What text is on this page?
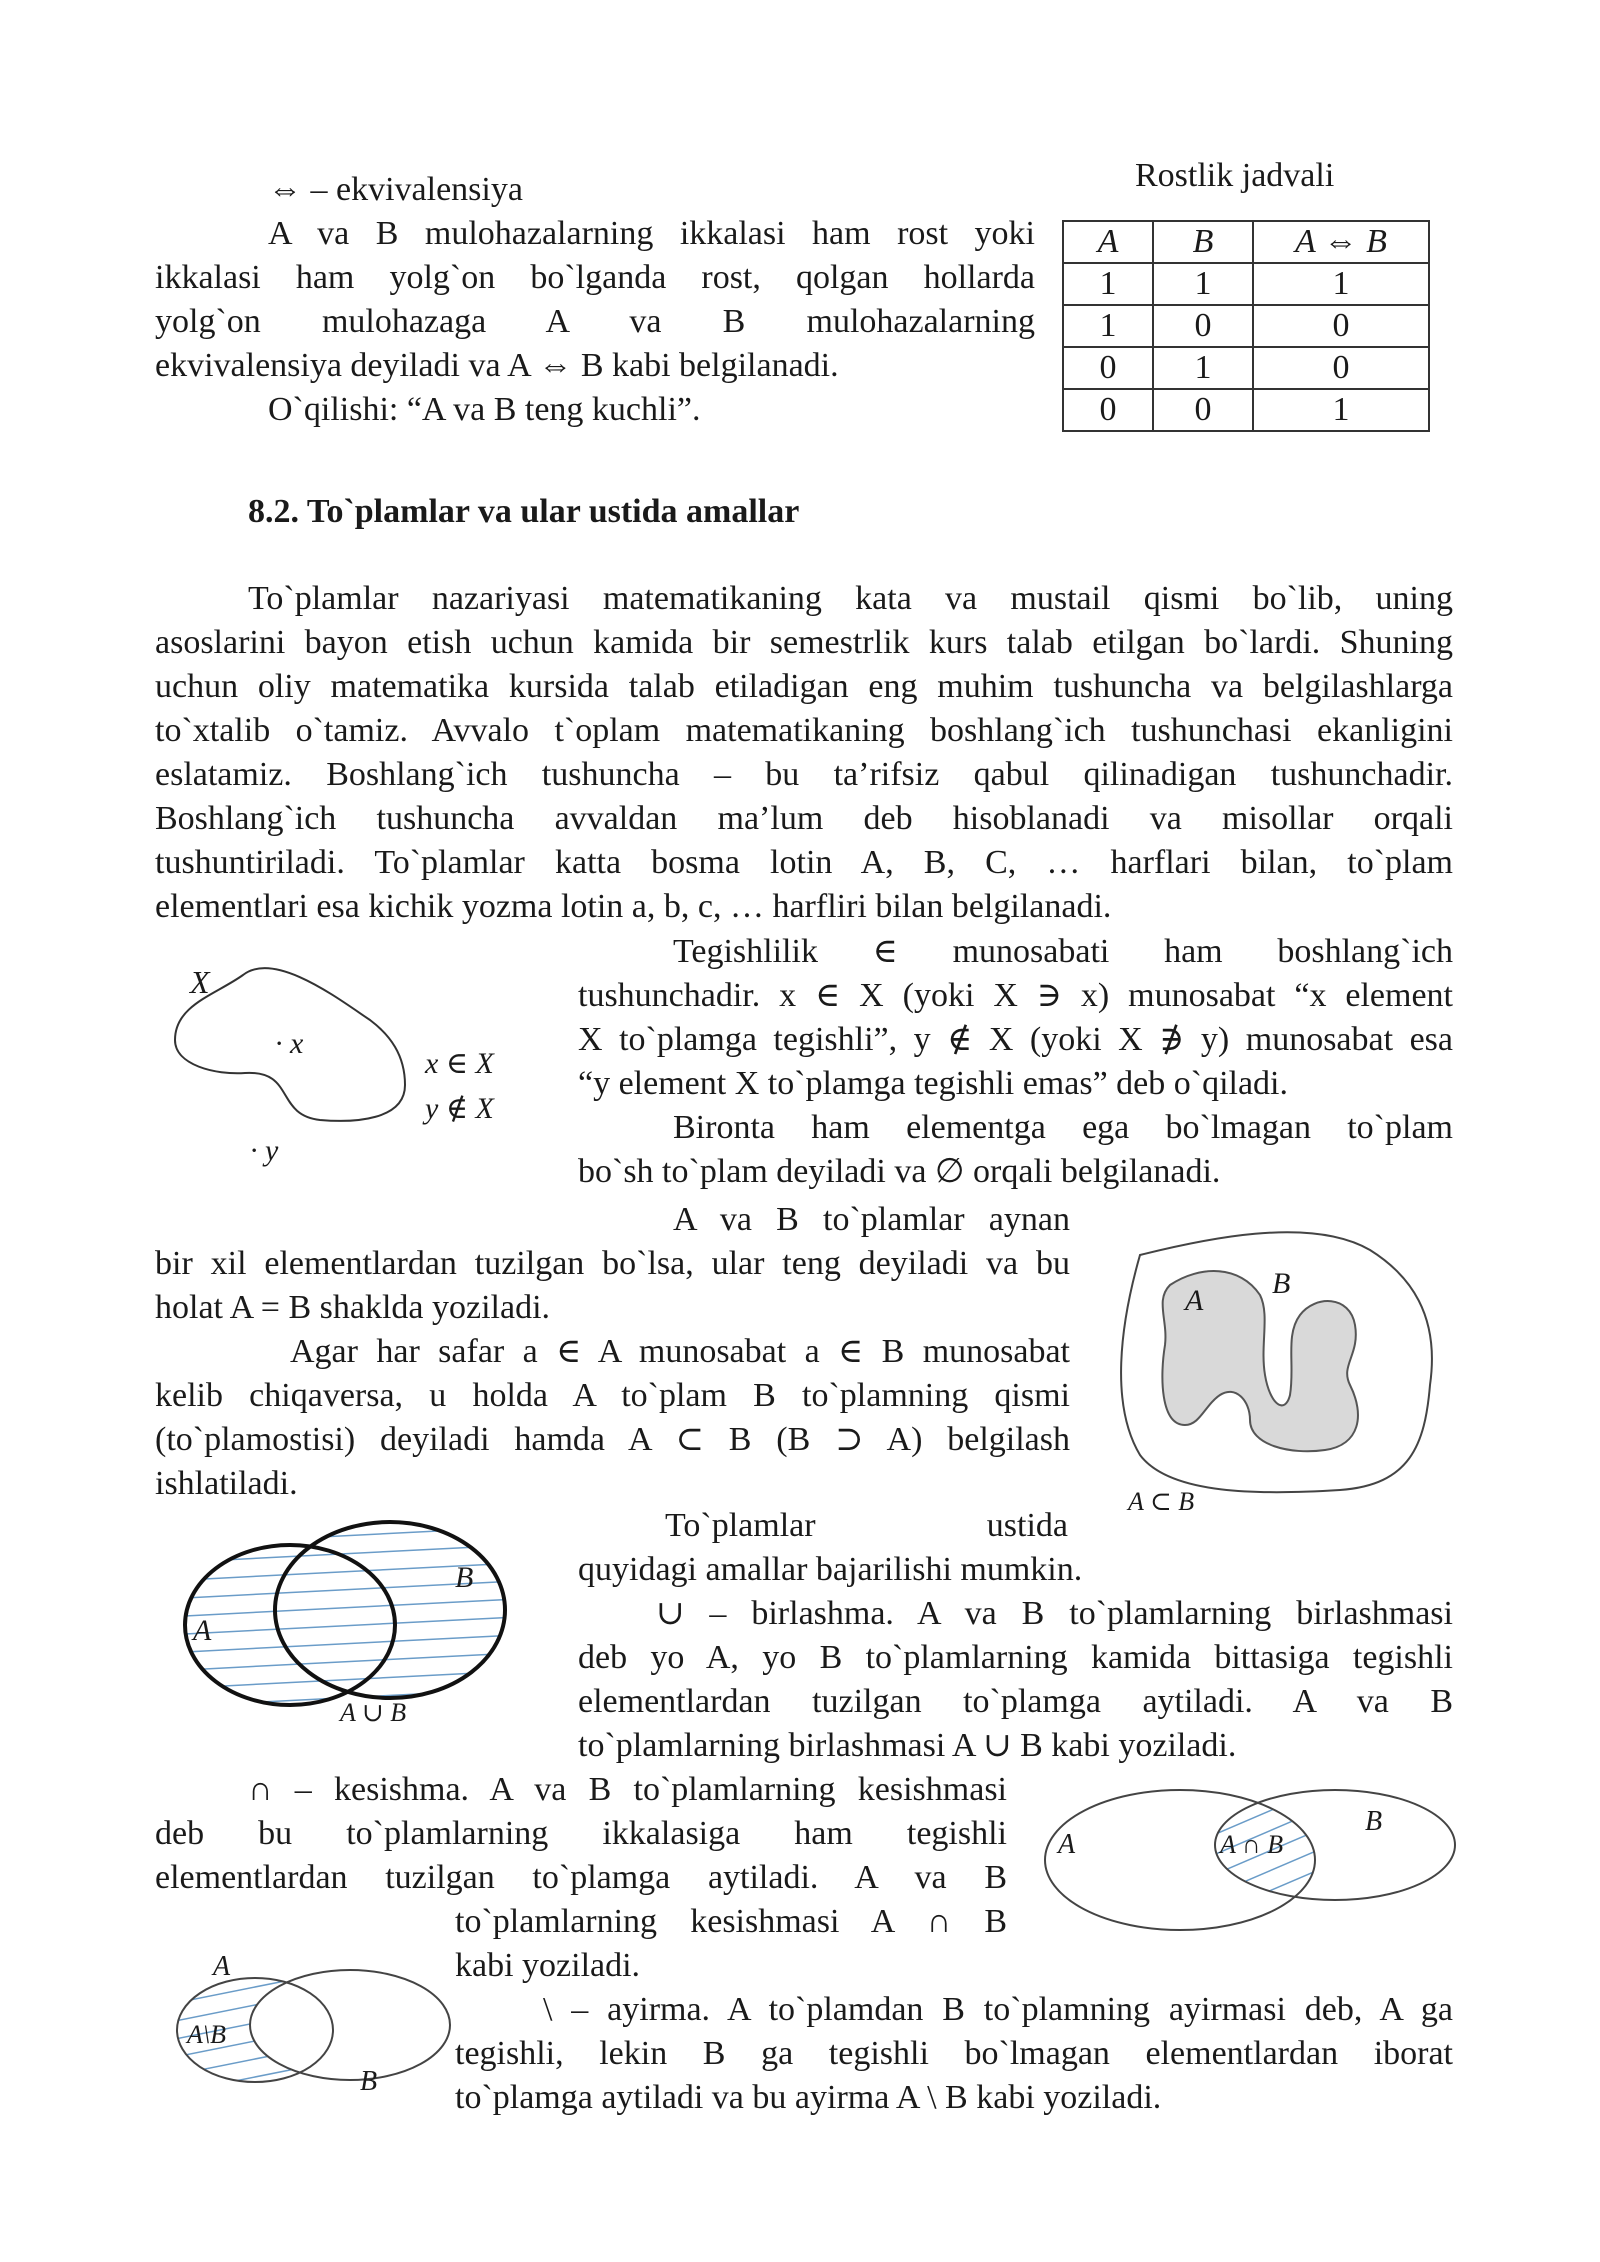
⇔ – ekvivalensiya
A va B mulohazalarning ikkalasi ham rost yoki
ikkalasi ham yolg`on bo`lganda rost, qolgan hollarda
yolg`on mulohazaga A va B mulohazalarning
ekvivalensiya deyiladi va A ⇔ B kabi belgilanadi.
O`qilishi: “A va B teng kuchli”.
Rostlik jadvali
A	B	A ⇔ B
1	1	1
1	0	0
0	1	0
0	0	1
8.2. To`plamlar va ular ustida amallar
To`plamlar nazariyasi matematikaning kata va mustail qismi bo`lib, uning
asoslarini bayon etish uchun kamida bir semestrlik kurs talab etilgan bo`lardi. Shuning
uchun oliy matematika kursida talab etiladigan eng muhim tushuncha va belgilashlarga
to`xtalib o`tamiz. Avvalo t`oplam matematikaning boshlang`ich tushunchasi ekanligini
eslatamiz. Boshlang`ich tushuncha – bu ta’rifsiz qabul qilinadigan tushunchadir.
Boshlang`ich tushuncha avvaldan ma’lum deb hisoblanadi va misollar orqali
tushuntiriladi. To`plamlar katta bosma lotin A, B, C, … harflari bilan, to`plam
elementlari esa kichik yozma lotin a, b, c, … harfliri bilan belgilanadi.
X
· x
· y
x ∈ X
y ∉ X
Tegishlilik ∈ munosabati ham boshlang`ich
tushunchadir. x ∈ X (yoki X ∋ x) munosabat “x element
X to`plamga tegishli”, y ∉ X (yoki X ∌ y) munosabat esa
“y element X to`plamga tegishli emas” deb o`qiladi.
Bironta ham elementga ega bo`lmagan to`plam
bo`sh to`plam deyiladi va ∅ orqali belgilanadi.
A va B to`plamlar aynan
bir xil elementlardan tuzilgan bo`lsa, ular teng deyiladi va bu
holat A = B shaklda yoziladi.
Agar har safar a ∈ A munosabat a ∈ B munosabat
kelib chiqaversa, u holda A to`plam B to`plamning qismi
(to`plamostisi) deyiladi hamda A ⊂ B (B ⊃ A) belgilash
ishlatiladi.
A
B
A ⊂ B
To`plamlar ustida
quyidagi amallar bajarilishi mumkin.
A
B
A ∪ B
∪ – birlashma. A va B to`plamlarning birlashmasi
deb yo A, yo B to`plamlarning kamida bittasiga tegishli
elementlardan tuzilgan to`plamga aytiladi. A va B
to`plamlarning birlashmasi A ∪ B kabi yoziladi.
∩ – kesishma. A va B to`plamlarning kesishmasi
deb bu to`plamlarning ikkalasiga ham tegishli
elementlardan tuzilgan to`plamga aytiladi. A va B
to`plamlarning kesishmasi A ∩ B
kabi yoziladi.
A
B
A ∩ B
A
B
A\B
\ – ayirma. A to`plamdan B to`plamning ayirmasi deb, A ga
tegishli, lekin B ga tegishli bo`lmagan elementlardan iborat
to`plamga aytiladi va bu ayirma A \ B kabi yoziladi.
